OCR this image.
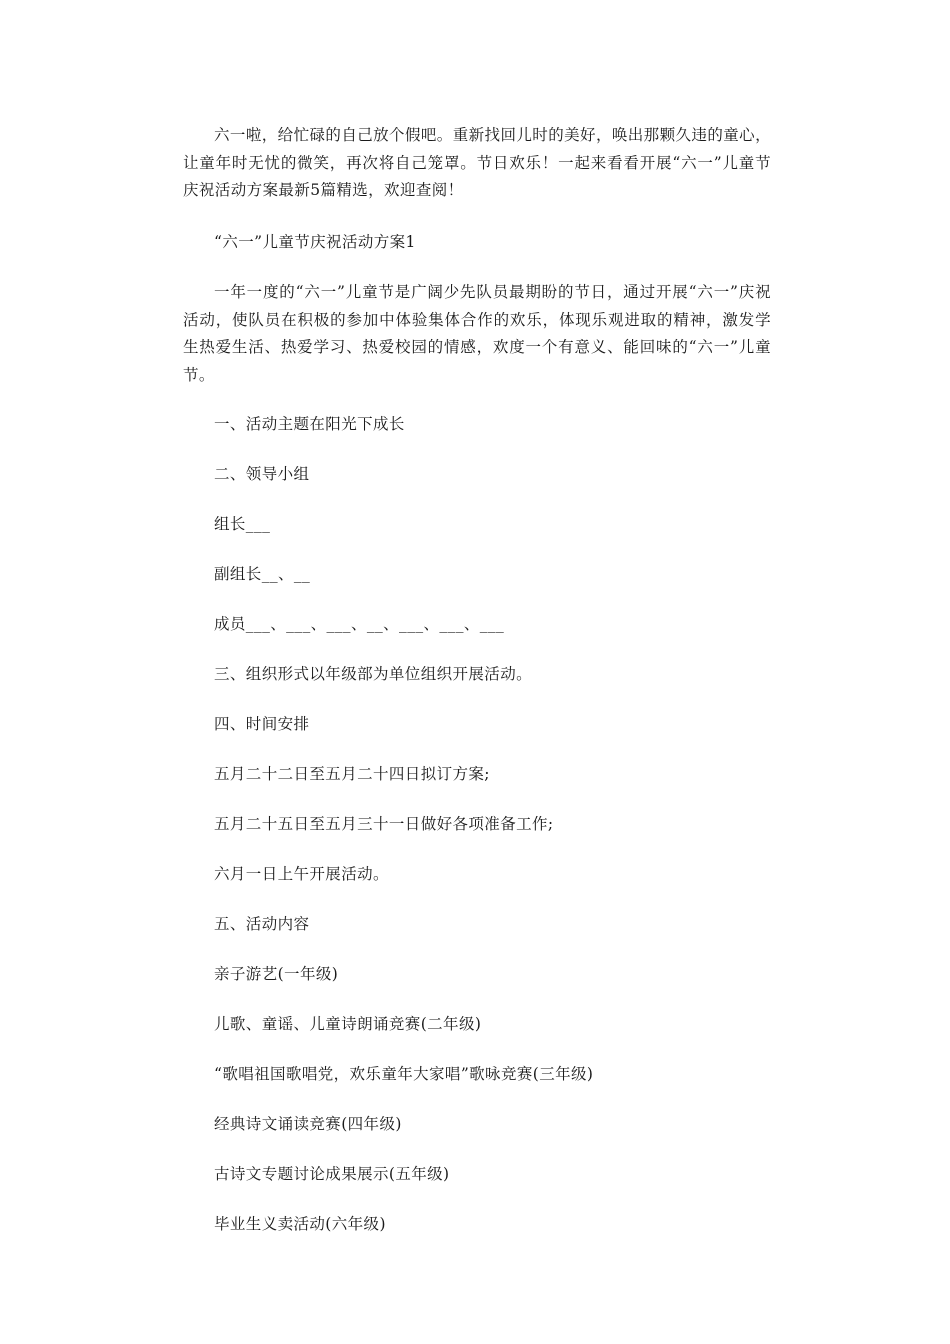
六一啦，给忙碌的自己放个假吧。重新找回儿时的美好，唤出那颗久违的童心，让童年时无忧的微笑，再次将自己笼罩。节日欢乐！一起来看看开展“六一”儿童节庆祝活动方案最新5篇精选，欢迎查阅！

“六一”儿童节庆祝活动方案1

一年一度的“六一”儿童节是广阔少先队员最期盼的节日，通过开展“六一”庆祝活动，使队员在积极的参加中体验集体合作的欢乐，体现乐观进取的精神，激发学生热爱生活、热爱学习、热爱校园的情感，欢度一个有意义、能回味的“六一”儿童节。

一、活动主题在阳光下成长

二、领导小组

组长___

副组长__、__

成员___、___、___、__、___、___、___

三、组织形式以年级部为单位组织开展活动。

四、时间安排

五月二十二日至五月二十四日拟订方案;

五月二十五日至五月三十一日做好各项准备工作;

六月一日上午开展活动。

五、活动内容

亲子游艺(一年级)

儿歌、童谣、儿童诗朗诵竞赛(二年级)

“歌唱祖国歌唱党，欢乐童年大家唱”歌咏竞赛(三年级)

经典诗文诵读竞赛(四年级)

古诗文专题讨论成果展示(五年级)

毕业生义卖活动(六年级)
